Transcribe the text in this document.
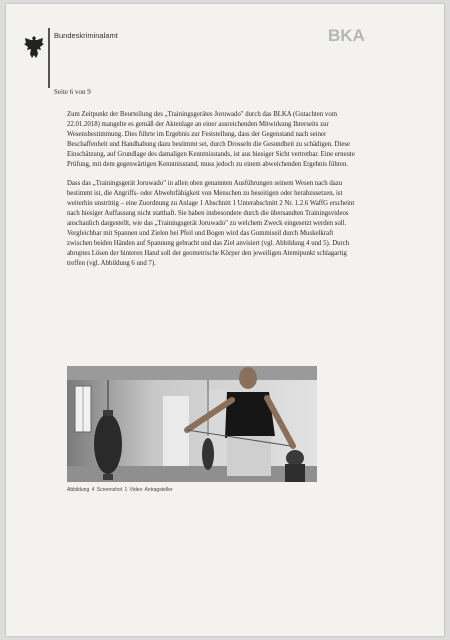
Bundeskriminalamt	BKA
Seite 6 von 9

Zum Zeitpunkt der Beurteilung des „Trainingsgerätes Joruwado" durch das BLKA (Gutachten vom 22.01.2018) mangelte es gemäß der Aktenlage an einer ausreichenden Mitwirkung Ihrerseits zur Wesensbestimmung. Dies führte im Ergebnis zur Feststellung, dass der Gegenstand nach seiner Beschaffenheit und Handhabung dazu bestimmt sei, durch Drosseln die Gesundheit zu schädigen. Diese Einschätzung, auf Grundlage des damaligen Kenntnisstands, ist aus hiesiger Sicht vertretbar. Eine erneute Prüfung, mit dem gegenwärtigen Kenntnisstand, muss jedoch zu einem abweichenden Ergebnis führen.

Dass das „Trainingsgerät Joruwado" in allen oben genannten Ausführungen seinem Wesen nach dazu bestimmt ist, die Angriffs- oder Abwehrfähigkeit von Menschen zu beseitigen oder herabzusetzen, ist weiterhin unstrittig – eine Zuordnung zu Anlage 1 Abschnitt 1 Unterabschnitt 2 Nr. 1.2.6 WaffG erscheint nach hiesiger Auffassung nicht statthaft. Sie haben insbesondere durch die übersandten Trainingsvideos anschaulich dargestellt, wie das „Trainingsgerät Joruwado" zu welchem Zweck eingesetzt werden soll. Vergleichbar mit Spannen und Zielen bei Pfeil und Bogen wird das Gummiseil durch Muskelkraft zwischen beiden Händen auf Spannung gebracht und das Ziel anvisiert (vgl. Abbildung 4 und 5). Durch abruptes Lösen der hinteren Hand soll der geometrische Körper den jeweiligen Atemipunkt schlagartig treffen (vgl. Abbildung 6 und 7).

Abbildung 4 Screenshot 1 Video Antragsteller
